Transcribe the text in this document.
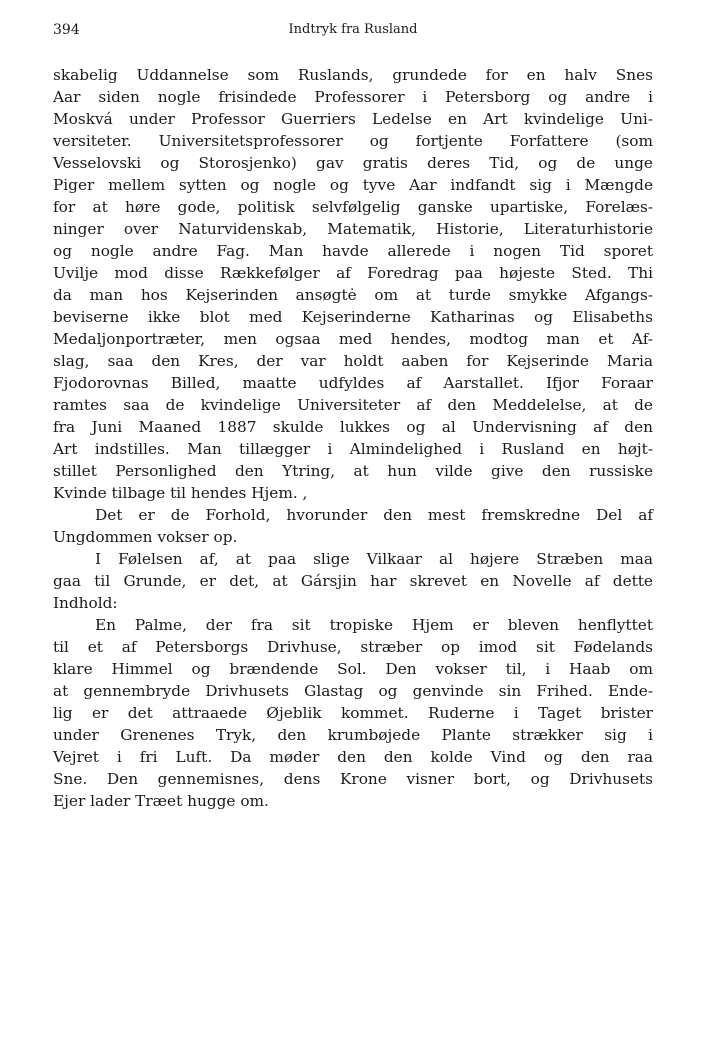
394	Indtryk fra Rusland
skabelig Uddannelse som Ruslands, grundede for en halv Snes
Aar siden nogle frisindede Professorer i Petersborg og andre i
Moskvá under Professor Guerriers Ledelse en Art kvindelige Uni-
versiteter. Universitetsprofessorer og fortjente Forfattere (som
Vesselovski og Storosjenko) gav gratis deres Tid, og de unge
Piger mellem sytten og nogle og tyve Aar indfandt sig i Mængde
for at høre gode, politisk selvfølgelig ganske upartiske, Forelæs-
ninger over Naturvidenskab, Matematik, Historie, Literaturhistorie
og nogle andre Fag. Man havde allerede i nogen Tid sporet
Uvilje mod disse Rækkefølger af Foredrag paa højeste Sted. Thi
da man hos Kejserinden ansøgtė om at turde smykke Afgangs-
beviserne ikke blot med Kejserinderne Katharinas og Elisabeths
Medaljonportræter, men ogsaa med hendes, modtog man et Af-
slag, saa den Kres, der var holdt aaben for Kejserinde Maria
Fjodorovnas Billed, maatte udfyldes af Aarstallet. Ifjor Foraar
ramtes saa de kvindelige Universiteter af den Meddelelse, at de
fra Juni Maaned 1887 skulde lukkes og al Undervisning af den
Art indstilles. Man tillægger i Almindelighed i Rusland en højt-
stillet Personlighed den Ytring, at hun vilde give den russiske
Kvinde tilbage til hendes Hjem. ,
Det er de Forhold, hvorunder den mest fremskredne Del af
Ungdommen vokser op.
I Følelsen af, at paa slige Vilkaar al højere Stræben maa
gaa til Grunde, er det, at Gársjin har skrevet en Novelle af dette
Indhold:
En Palme, der fra sit tropiske Hjem er bleven henflyttet
til et af Petersborgs Drivhuse, stræber op imod sit Fødelands
klare Himmel og brændende Sol. Den vokser til, i Haab om
at gennembryde Drivhusets Glastag og genvinde sin Frihed. Ende-
lig er det attraaede Øjeblik kommet. Ruderne i Taget brister
under Grenenes Tryk, den krumbøjede Plante strækker sig i
Vejret i fri Luft. Da møder den den kolde Vind og den raa
Sne. Den gennemisnes, dens Krone visner bort, og Drivhusets
Ejer lader Træet hugge om.
